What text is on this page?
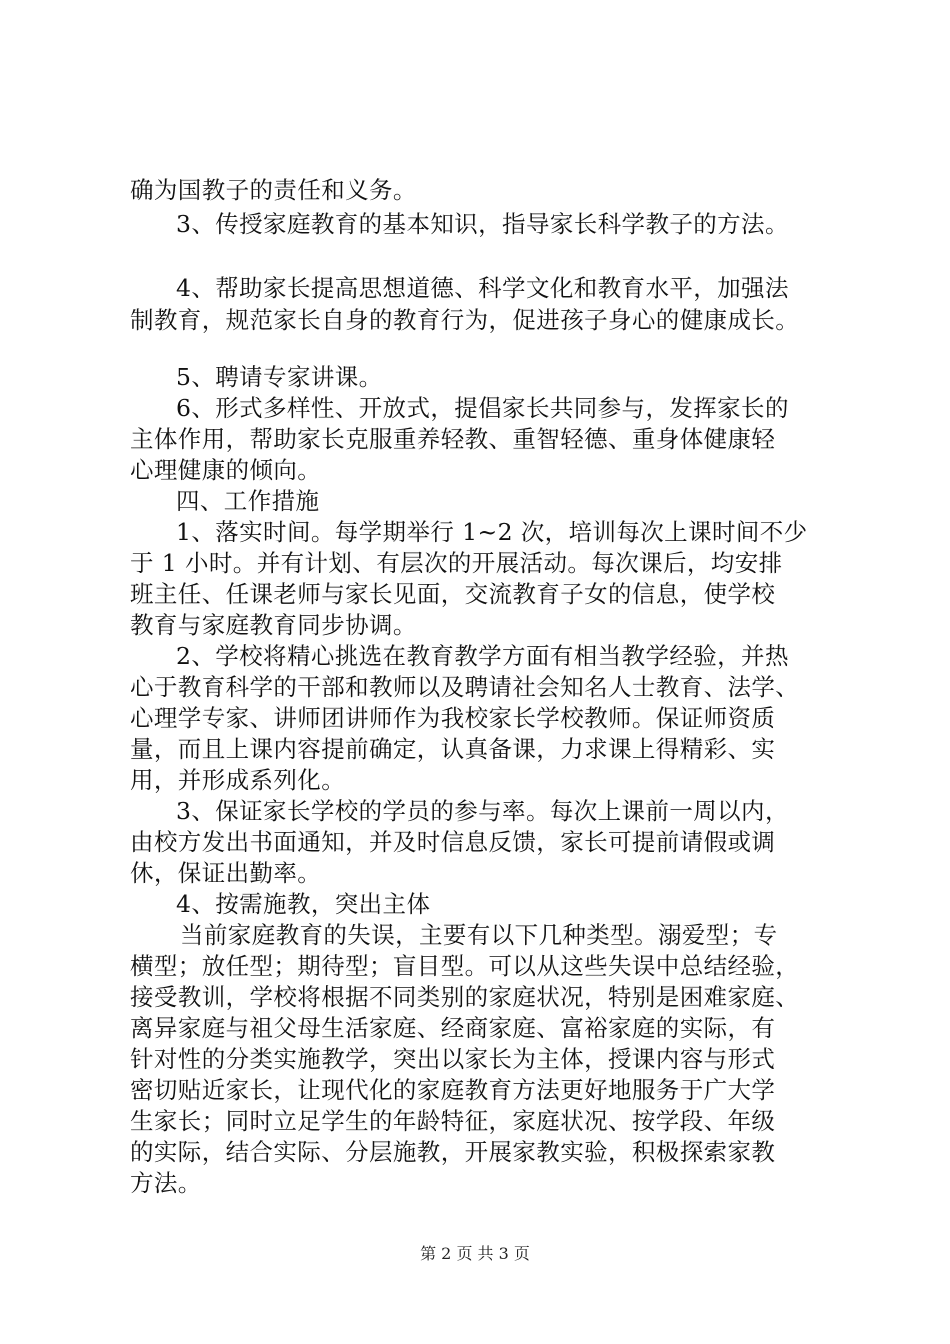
确为国教子的责任和义务。
3、传授家庭教育的基本知识，指导家长科学教子的方法。
4、帮助家长提高思想道德、科学文化和教育水平，加强法
制教育，规范家长自身的教育行为，促进孩子身心的健康成长。
5、聘请专家讲课。
6、形式多样性、开放式，提倡家长共同参与，发挥家长的
主体作用，帮助家长克服重养轻教、重智轻德、重身体健康轻
心理健康的倾向。
四、工作措施
1、落实时间。每学期举行 1~2 次，培训每次上课时间不少
于 1 小时。并有计划、有层次的开展活动。每次课后，均安排
班主任、任课老师与家长见面，交流教育子女的信息，使学校
教育与家庭教育同步协调。
2、学校将精心挑选在教育教学方面有相当教学经验，并热
心于教育科学的干部和教师以及聘请社会知名人士教育、法学、
心理学专家、讲师团讲师作为我校家长学校教师。保证师资质
量，而且上课内容提前确定，认真备课，力求课上得精彩、实
用，并形成系列化。
3、保证家长学校的学员的参与率。每次上课前一周以内，
由校方发出书面通知，并及时信息反馈，家长可提前请假或调
休，保证出勤率。
4、按需施教，突出主体
当前家庭教育的失误，主要有以下几种类型。溺爱型；专
横型；放任型；期待型；盲目型。可以从这些失误中总结经验，
接受教训，学校将根据不同类别的家庭状况，特别是困难家庭、
离异家庭与祖父母生活家庭、经商家庭、富裕家庭的实际，有
针对性的分类实施教学，突出以家长为主体，授课内容与形式
密切贴近家长，让现代化的家庭教育方法更好地服务于广大学
生家长；同时立足学生的年龄特征，家庭状况、按学段、年级
的实际，结合实际、分层施教，开展家教实验，积极探索家教
方法。
第 2 页 共 3 页
